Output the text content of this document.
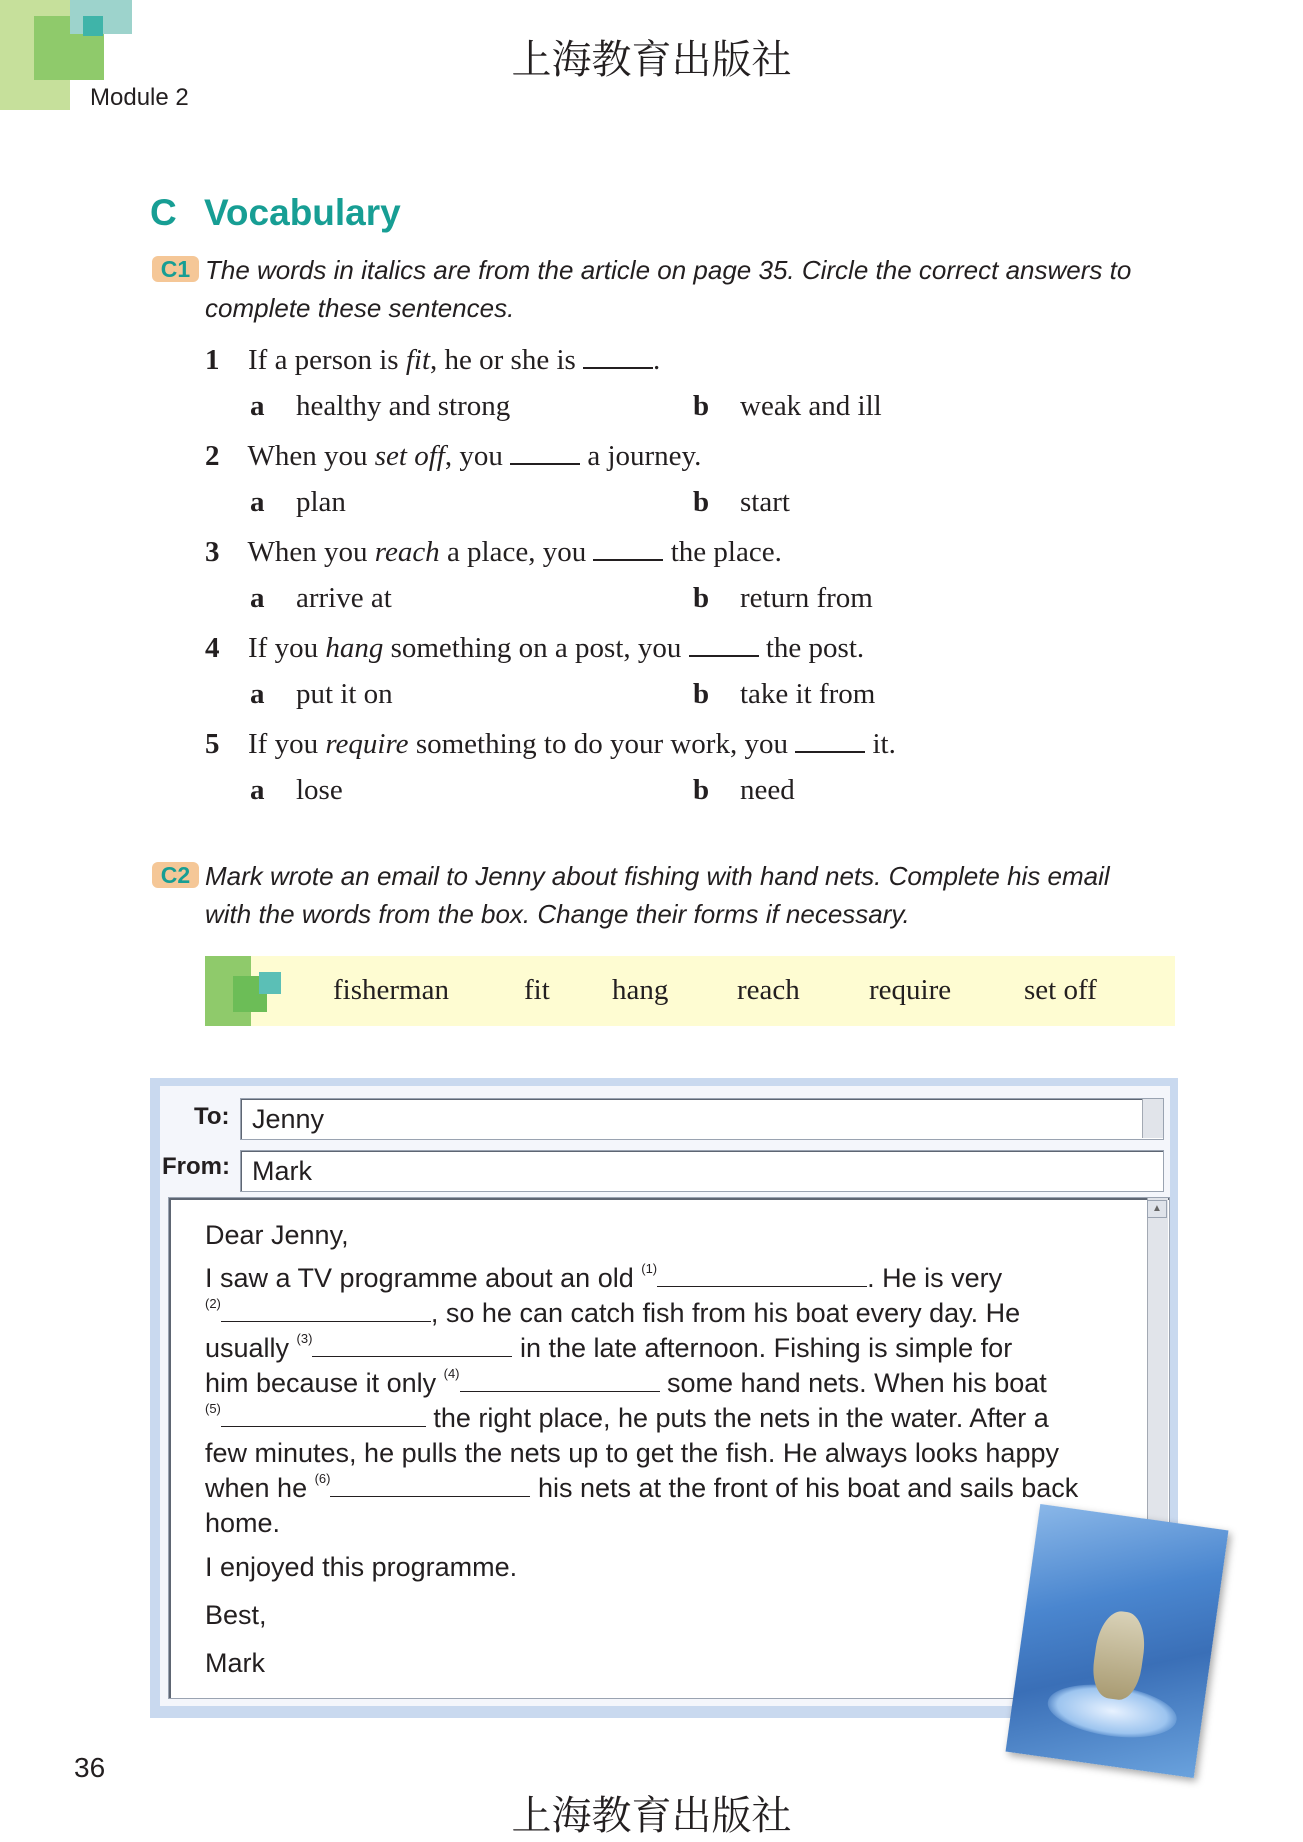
Module 2
上海教育出版社
C Vocabulary
C1 The words in italics are from the article on page 35. Circle the correct answers to
complete these sentences.
1 If a person is fit, he or she is	.
a healthy and strong	b weak and ill
2 When you set off, you	a journey.
a plan	b start
3 When you reach a place, you	the place.
a arrive at	b return from
4 If you hang something on a post, you	the post.
a put it on	b take it from
5 If you require something to do your work, you	it.
a lose	b need
C2 Mark wrote an email to Jenny about fishing with hand nets. Complete his email
with the words from the box. Change their forms if necessary.
fisherman	fit hang reach require	set off
To: Jenny
From: Mark
▲
Dear Jenny,
I saw a TV programme about an old $^{(1)}$	. He is very
$^{(2)}$	, so he can catch fish from his boat every day. He
usually $^{(3)}$	in the late afternoon. Fishing is simple for
him because it only $^{(4)}$	some hand nets. When his boat
$^{(5)}$	the right place, he puts the nets in the water. After a
few minutes, he pulls the nets up to get the fish. He always looks happy
when he $^{(6)}$	his nets at the front of his boat and sails back
home.
I enjoyed this programme.
Best,
Mark
36
上海教育出版社
